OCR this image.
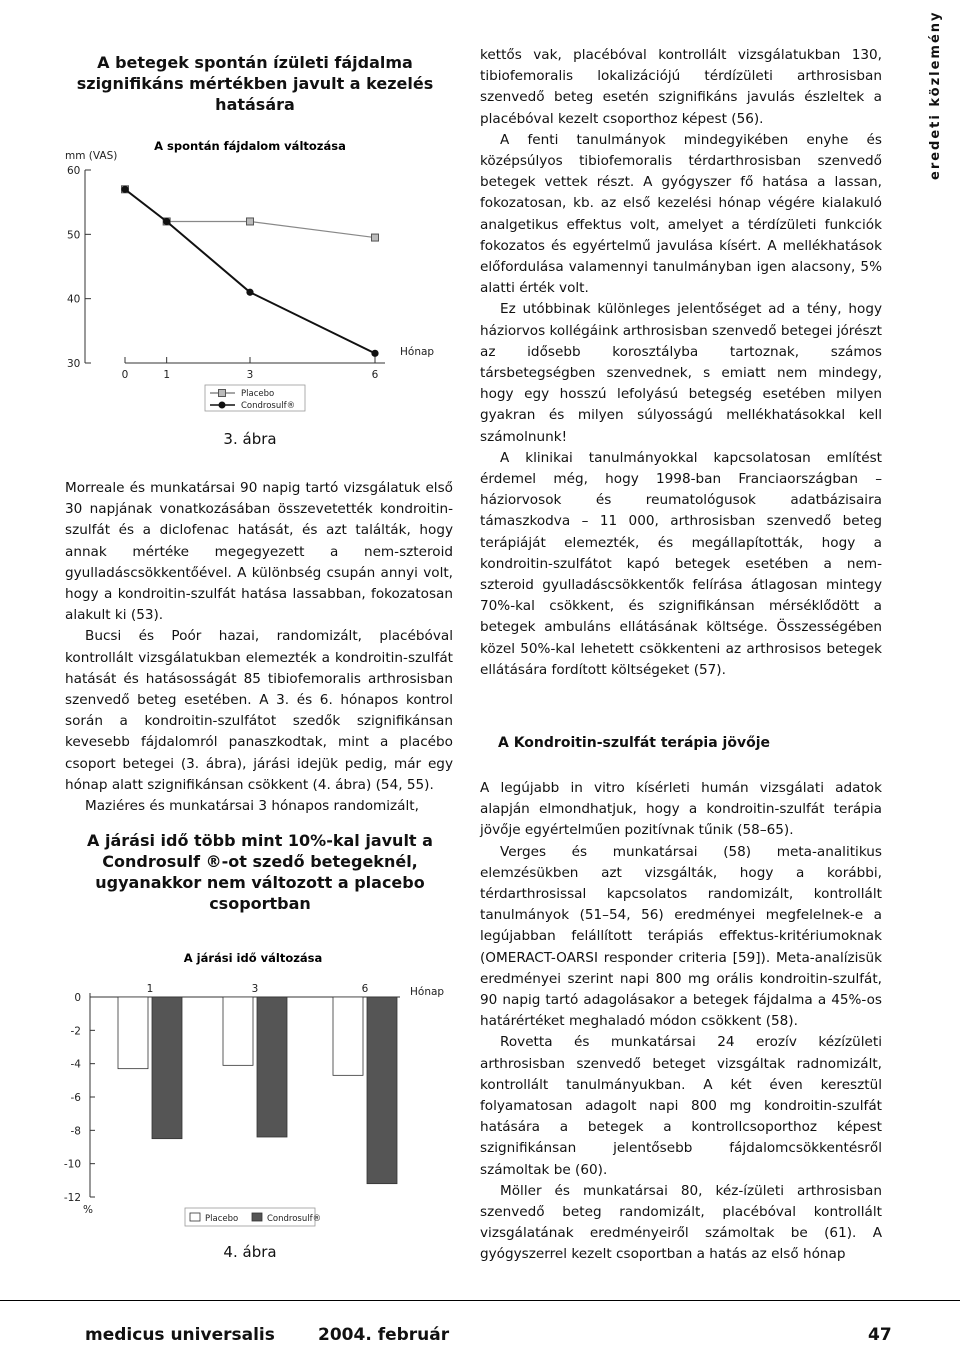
eredeti közlemény
A betegek spontán ízületi fájdalma szignifikáns mértékben javult a kezelés hatására
A spontán fájdalom változása
mm (VAS)
60
50
40
30
0	1	3	6
Hónap
Placebo
Condrosulf®
3. ábra

Morreale és munkatársai 90 napig tartó vizsgálatuk első 30 napjának vonatkozásában összevetették kondroitin-szulfát és a diclofenac hatását, és azt találták, hogy annak mértéke megegyezett a nem-szteroid gyulladáscsökkentőével. A különbség csupán annyi volt, hogy a kondroitin-szulfát hatása lassabban, fokozatosan alakult ki (53).

Bucsi és Poór hazai, randomizált, placébóval kontrollált vizsgálatukban elemezték a kondroitin-szulfát hatását és hatásosságát 85 tibiofemoralis arthrosisban szenvedő beteg esetében. A 3. és 6. hónapos kontrol során a kondroitin-szulfátot szedők szignifikánsan kevesebb fájdalomról panaszkodtak, mint a placébo csoport betegei (3. ábra), járási idejük pedig, már egy hónap alatt szignifikánsan csökkent (4. ábra) (54, 55).

Maziéres és munkatársai 3 hónapos randomizált,

A járási idő több mint 10%-kal javult a Condrosulf ®-ot szedő betegeknél, ugyanakkor nem változott a placebo csoportban
A járási idő változása
0
-2
-4
-6
-8
-10
-12
1	3	6	Hónap
%
Placebo	Condrosulf®
4. ábra

kettős vak, placébóval kontrollált vizsgálatukban 130, tibiofemoralis lokalizációjú térdízületi arthrosisban szenvedő beteg esetén szignifikáns javulás észleltek a placébóval kezelt csoporthoz képest (56).

A fenti tanulmányok mindegyikében enyhe és középsúlyos tibiofemoralis térdarthrosisban szenvedő betegek vettek részt. A gyógyszer fő hatása a lassan, fokozatosan, kb. az első kezelési hónap végére kialakuló analgetikus effektus volt, amelyet a térdízületi funkciók fokozatos és egyértelmű javulása kísért. A mellékhatások előfordulása valamennyi tanulmányban igen alacsony, 5% alatti érték volt.

Ez utóbbinak különleges jelentőséget ad a tény, hogy háziorvos kollégáink arthrosisban szenvedő betegei jórészt az idősebb korosztályba tartoznak, számos társbetegségben szenvednek, s emiatt nem mindegy, hogy egy hosszú lefolyású betegség esetében milyen gyakran és milyen súlyosságú mellékhatásokkal kell számolnunk!

A klinikai tanulmányokkal kapcsolatosan említést érdemel még, hogy 1998-ban Franciaországban – háziorvosok és reumatológusok adatbázisaira támaszkodva – 11 000, arthrosisban szenvedő beteg terápiáját elemezték, és megállapították, hogy a kondroitin-szulfátot kapó betegek esetében a nem-szteroid gyulladáscsökkentők felírása átlagosan mintegy 70%-kal csökkent, és szignifikánsan mérséklődött a betegek ambuláns ellátásának költsége. Összességében közel 50%-kal lehetett csökkenteni az arthrosisos betegek ellátására fordított költségeket (57).

A Kondroitin-szulfát terápia jövője

A legújabb in vitro kísérleti humán vizsgálati adatok alapján elmondhatjuk, hogy a kondroitin-szulfát terápia jövője egyértelműen pozitívnak tűnik (58–65).

Verges és munkatársai (58) meta-analitikus elemzésükben azt vizsgálták, hogy a korábbi, térdarthrosissal kapcsolatos randomizált, kontrollált tanulmányok (51–54, 56) eredményei megfelelnek-e a legújabban felállított terápiás effektus-kritériumoknak (OMERACT-OARSI responder criteria [59]). Meta-analízisük eredményei szerint napi 800 mg orális kondroitin-szulfát, 90 napig tartó adagolásakor a betegek fájdalma a 45%-os határértéket meghaladó módon csökkent (58).

Rovetta és munkatársai 24 erozív kézízületi arthrosisban szenvedő beteget vizsgáltak radnomizált, kontrollált tanulmányukban. A két éven keresztül folyamatosan adagolt napi 800 mg kondroitin-szulfát hatására a betegek a kontrollcsoporthoz képest szignifikánsan jelentősebb fájdalomcsökkentésről számoltak be (60).

Möller és munkatársai 80, kéz-ízületi arthrosisban szenvedő beteg randomizált, placébóval kontrollált vizsgálatának eredményeiről számoltak be (61). A gyógyszerrel kezelt csoportban a hatás az első hónap

medicus universalis	2004. február	47
